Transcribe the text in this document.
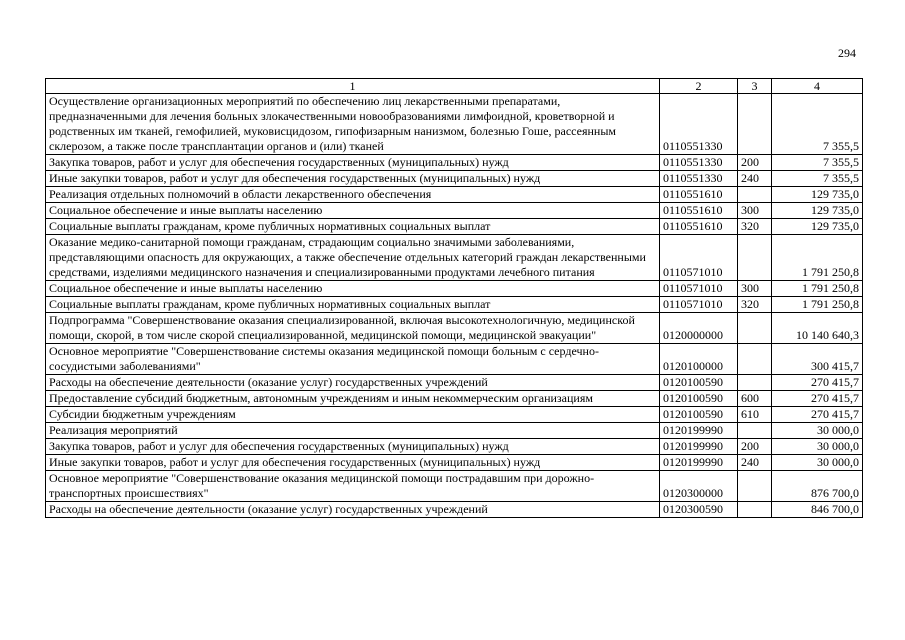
294
1	2	3	4
Осуществление организационных мероприятий по обеспечению лиц лекарственными препаратами, предназначенными для лечения больных злокачественными новообразованиями лимфоидной, кроветворной и родственных им тканей, гемофилией, муковисцидозом, гипофизарным нанизмом, болезнью Гоше, рассеянным склерозом, а также после трансплантации органов и (или) тканей	0110551330		7 355,5
Закупка товаров, работ и услуг для обеспечения государственных (муниципальных) нужд	0110551330	200	7 355,5
Иные закупки товаров, работ и услуг для обеспечения государственных (муниципальных) нужд	0110551330	240	7 355,5
Реализация отдельных полномочий в области лекарственного обеспечения	0110551610		129 735,0
Социальное обеспечение и иные выплаты населению	0110551610	300	129 735,0
Социальные выплаты гражданам, кроме публичных нормативных социальных выплат	0110551610	320	129 735,0
Оказание медико-санитарной помощи гражданам, страдающим социально значимыми заболеваниями, представляющими опасность для окружающих, а также обеспечение отдельных категорий граждан лекарственными средствами, изделиями медицинского назначения и специализированными продуктами лечебного питания	0110571010		1 791 250,8
Социальное обеспечение и иные выплаты населению	0110571010	300	1 791 250,8
Социальные выплаты гражданам, кроме публичных нормативных социальных выплат	0110571010	320	1 791 250,8
Подпрограмма "Совершенствование оказания специализированной, включая высокотехнологичную, медицинской помощи, скорой, в том числе скорой специализированной, медицинской помощи, медицинской эвакуации"	0120000000		10 140 640,3
Основное мероприятие "Совершенствование системы оказания медицинской помощи больным с сердечно-сосудистыми заболеваниями"	0120100000		300 415,7
Расходы на обеспечение деятельности (оказание услуг) государственных учреждений	0120100590		270 415,7
Предоставление субсидий бюджетным, автономным учреждениям и иным некоммерческим организациям	0120100590	600	270 415,7
Субсидии бюджетным учреждениям	0120100590	610	270 415,7
Реализация мероприятий	0120199990		30 000,0
Закупка товаров, работ и услуг для обеспечения государственных (муниципальных) нужд	0120199990	200	30 000,0
Иные закупки товаров, работ и услуг для обеспечения государственных (муниципальных) нужд	0120199990	240	30 000,0
Основное мероприятие "Совершенствование оказания медицинской помощи пострадавшим при дорожно-транспортных происшествиях"	0120300000		876 700,0
Расходы на обеспечение деятельности (оказание услуг) государственных учреждений	0120300590		846 700,0
